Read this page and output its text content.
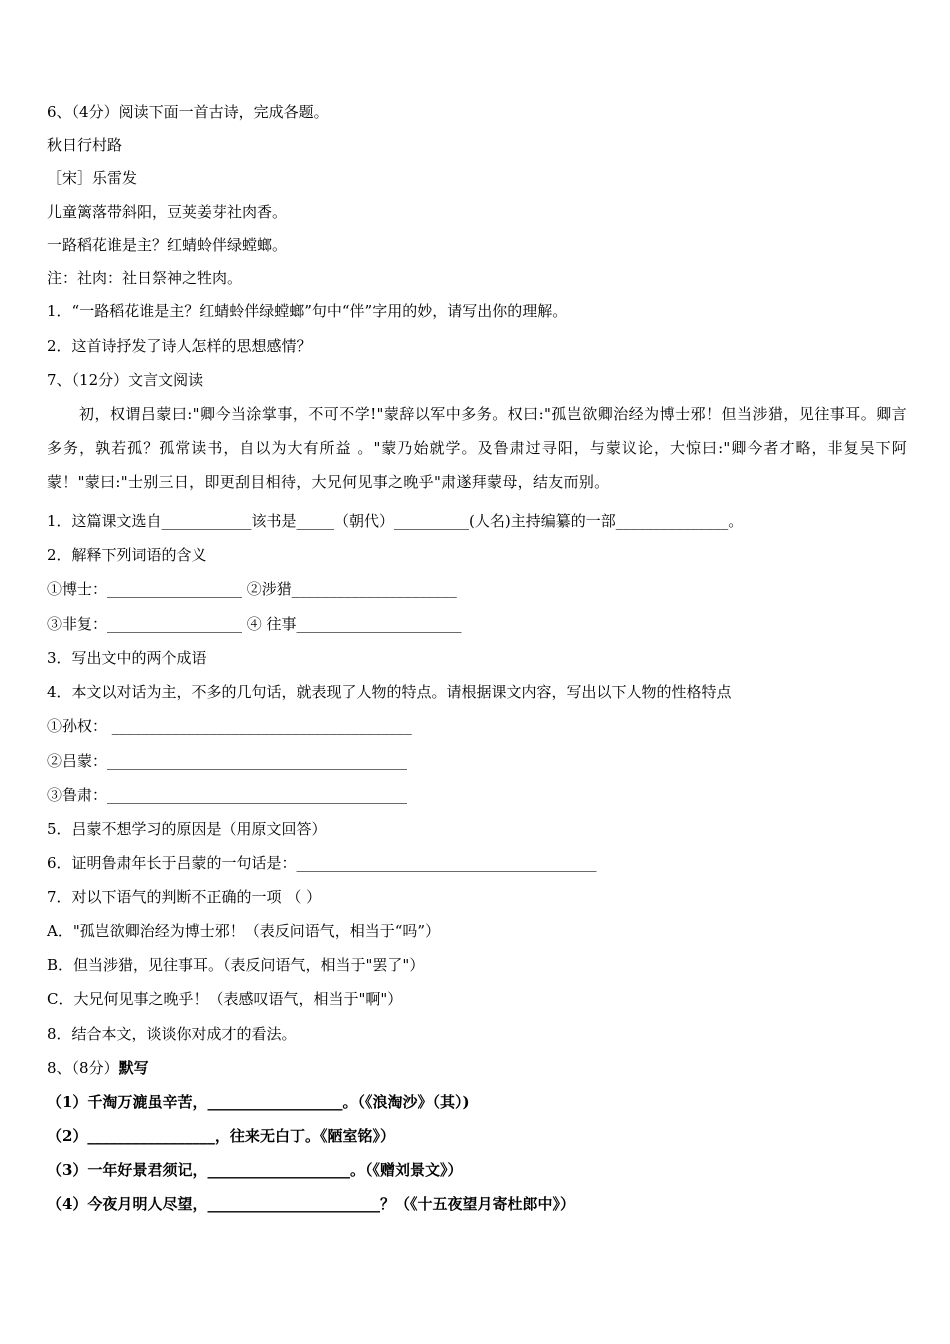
6、（4分）阅读下面一首古诗，完成各题。
秋日行村路
［宋］乐雷发
儿童篱落带斜阳，豆荚姜芽社肉香。
一路稻花谁是主？红蜻蛉伴绿螳螂。
注：社肉：社日祭神之牲肉。
1．“一路稻花谁是主？红蜻蛉伴绿螳螂”句中“伴”字用的妙，请写出你的理解。
2．这首诗抒发了诗人怎样的思想感情？
7、（12分）文言文阅读
初，权谓吕蒙曰:"卿今当涂掌事，不可不学!"蒙辞以军中多务。权曰:"孤岂欲卿治经为博士邪！但当涉猎，见往事耳。卿言多务，孰若孤？孤常读书，自以为大有所益 。"蒙乃始就学。及鲁肃过寻阳，与蒙议论，大惊曰:"卿今者才略，非复吴下阿蒙！"蒙曰:"士别三日，即更刮目相待，大兄何见事之晚乎"肃遂拜蒙母，结友而别。
1．这篇课文选自____________该书是_____（朝代）__________(人名)主持编纂的一部_______________。
2．解释下列词语的含义
①博士：__________________ ②涉猎______________________
③非复：__________________ ④ 往事______________________
3．写出文中的两个成语
4．本文以对话为主，不多的几句话，就表现了人物的特点。请根据课文内容，写出以下人物的性格特点
①孙权： ________________________________________
②吕蒙：________________________________________
③鲁肃：________________________________________
5．吕蒙不想学习的原因是（用原文回答）
6．证明鲁肃年长于吕蒙的一句话是：________________________________________
7．对以下语气的判断不正确的一项 （ ）
A．"孤岂欲卿治经为博士邪！（表反问语气，相当于“吗”）
B．但当涉猎，见往事耳。（表反问语气，相当于"罢了"）
C．大兄何见事之晚乎！（表感叹语气，相当于"啊"）
8．结合本文，谈谈你对成才的看法。
8、（8分）默写
（1）千淘万漉虽辛苦，__________________。（《浪淘沙》（其）)
（2）_________________，往来无白丁。《陋室铭》）
（3）一年好景君须记，___________________。（《赠刘景文》）
（4）今夜月明人尽望，_______________________？（《十五夜望月寄杜郎中》）
